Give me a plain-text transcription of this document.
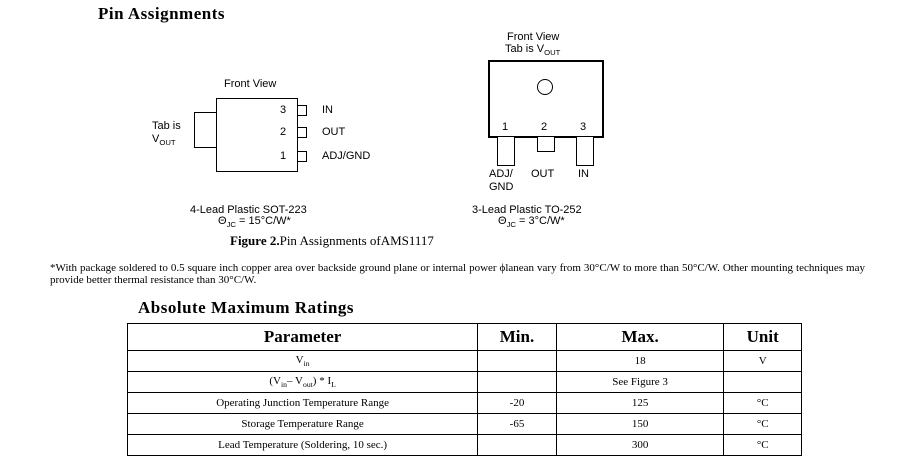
Pin Assignments
Front View
Tab is
$V_{OUT}$
3	IN
2	OUT
1	ADJ/GND
4-Lead Plastic SOT-223
$\Theta_{JC} = 15^\circ C/W*$
Front View
Tab is $V_{OUT}$
1	2	3
ADJ/
GND
OUT IN
3-Lead Plastic TO-252
$\Theta_{JC} = 3^\circ C/W*$
Figure 2.Pin Assignments ofAMS1117
*With package soldered to 0.5 square inch copper area over backside ground plane or internal power ϕlanean vary from 30°C/W to more than 50°C/W. Other mounting techniques may provide better thermal resistance than 30°C/W.
Absolute Maximum Ratings
Parameter	Min.	Max.	Unit
$V_{in}$		18	V
($V_{in}-$ $V_{out}) * I_L$		See Figure 3	
Operating Junction Temperature Range	-20	125	°C
Storage Temperature Range	-65	150	°C
Lead Temperature (Soldering, 10 sec.)		300	°C
